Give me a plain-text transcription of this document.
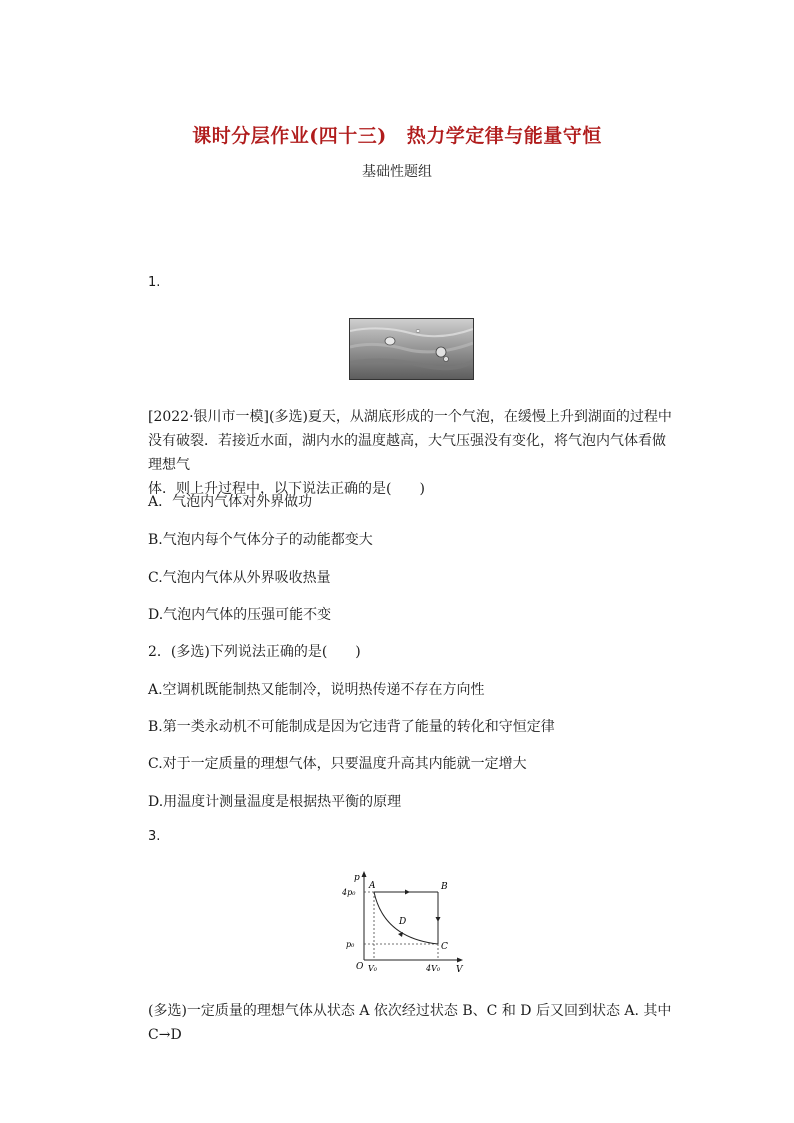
课时分层作业(四十三) 热力学定律与能量守恒
基础性题组
1.
[2022·银川市一模](多选)夏天，从湖底形成的一个气泡，在缓慢上升到湖面的过程中
没有破裂．若接近水面，湖内水的温度越高，大气压强没有变化，将气泡内气体看做理想气
体．则上升过程中，以下说法正确的是(　　)
A．气泡内气体对外界做功
B.气泡内每个气体分子的动能都变大
C.气泡内气体从外界吸收热量
D.气泡内气体的压强可能不变
2．(多选)下列说法正确的是(　　)
A.空调机既能制热又能制冷，说明热传递不存在方向性
B.第一类永动机不可能制成是因为它违背了能量的转化和守恒定律
C.对于一定质量的理想气体，只要温度升高其内能就一定增大
D.用温度计测量温度是根据热平衡的原理
3.
p
V
O
4p₀
p₀
V₀	4V₀
A	B
C
D
(多选)一定质量的理想气体从状态 A 依次经过状态 B、C 和 D 后又回到状态 A. 其中 C→D
